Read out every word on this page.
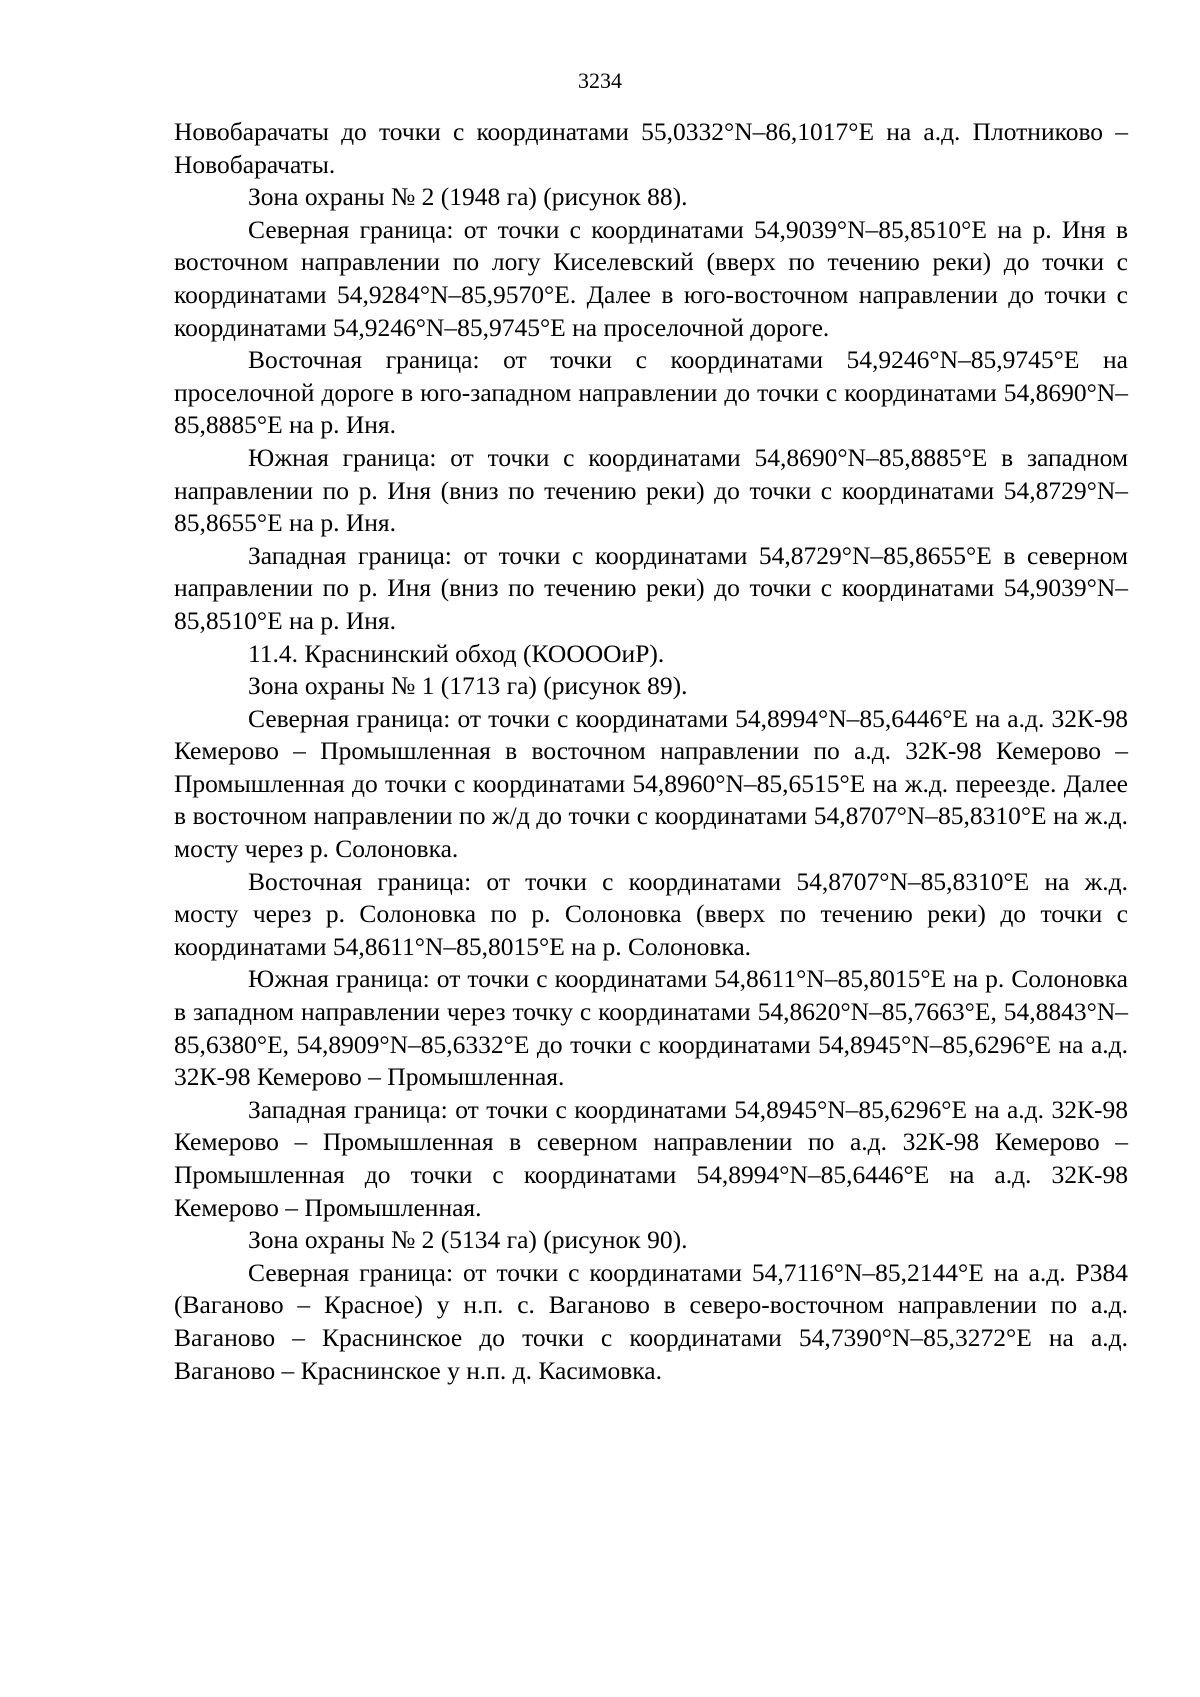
3234

Новобарачаты до точки с координатами 55,0332°N–86,1017°E на а.д. Плотниково – Новобарачаты.

Зона охраны № 2 (1948 га) (рисунок 88).

Северная граница: от точки с координатами 54,9039°N–85,8510°E на р. Иня в восточном направлении по логу Киселевский (вверх по течению реки) до точки с координатами 54,9284°N–85,9570°E. Далее в юго-восточном направлении до точки с координатами 54,9246°N–85,9745°E на проселочной дороге.

Восточная граница: от точки с координатами 54,9246°N–85,9745°E на проселочной дороге в юго-западном направлении до точки с координатами 54,8690°N–85,8885°E на р. Иня.

Южная граница: от точки с координатами 54,8690°N–85,8885°E в западном направлении по р. Иня (вниз по течению реки) до точки с координатами 54,8729°N–85,8655°E на р. Иня.

Западная граница: от точки с координатами 54,8729°N–85,8655°E в северном направлении по р. Иня (вниз по течению реки) до точки с координатами 54,9039°N–85,8510°E на р. Иня.

11.4. Краснинский обход (КООООиР).

Зона охраны № 1 (1713 га) (рисунок 89).

Северная граница: от точки с координатами 54,8994°N–85,6446°E на а.д. 32К-98 Кемерово – Промышленная в восточном направлении по а.д. 32К-98 Кемерово – Промышленная до точки с координатами 54,8960°N–85,6515°E на ж.д. переезде. Далее в восточном направлении по ж/д до точки с координатами 54,8707°N–85,8310°E на ж.д. мосту через р. Солоновка.

Восточная граница: от точки с координатами 54,8707°N–85,8310°E на ж.д. мосту через р. Солоновка по р. Солоновка (вверх по течению реки) до точки с координатами 54,8611°N–85,8015°E на р. Солоновка.

Южная граница: от точки с координатами 54,8611°N–85,8015°E на р. Солоновка в западном направлении через точку с координатами 54,8620°N–85,7663°E, 54,8843°N–85,6380°E, 54,8909°N–85,6332°E до точки с координатами 54,8945°N–85,6296°E на а.д. 32К-98 Кемерово – Промышленная.

Западная граница: от точки с координатами 54,8945°N–85,6296°E на а.д. 32К-98 Кемерово – Промышленная в северном направлении по а.д. 32К-98 Кемерово – Промышленная до точки с координатами 54,8994°N–85,6446°E на а.д. 32К-98 Кемерово – Промышленная.

Зона охраны № 2 (5134 га) (рисунок 90).

Северная граница: от точки с координатами 54,7116°N–85,2144°E на а.д. Р384 (Ваганово – Красное) у н.п. с. Ваганово в северо-восточном направлении по а.д. Ваганово – Краснинское до точки с координатами 54,7390°N–85,3272°E на а.д. Ваганово – Краснинское у н.п. д. Касимовка.
